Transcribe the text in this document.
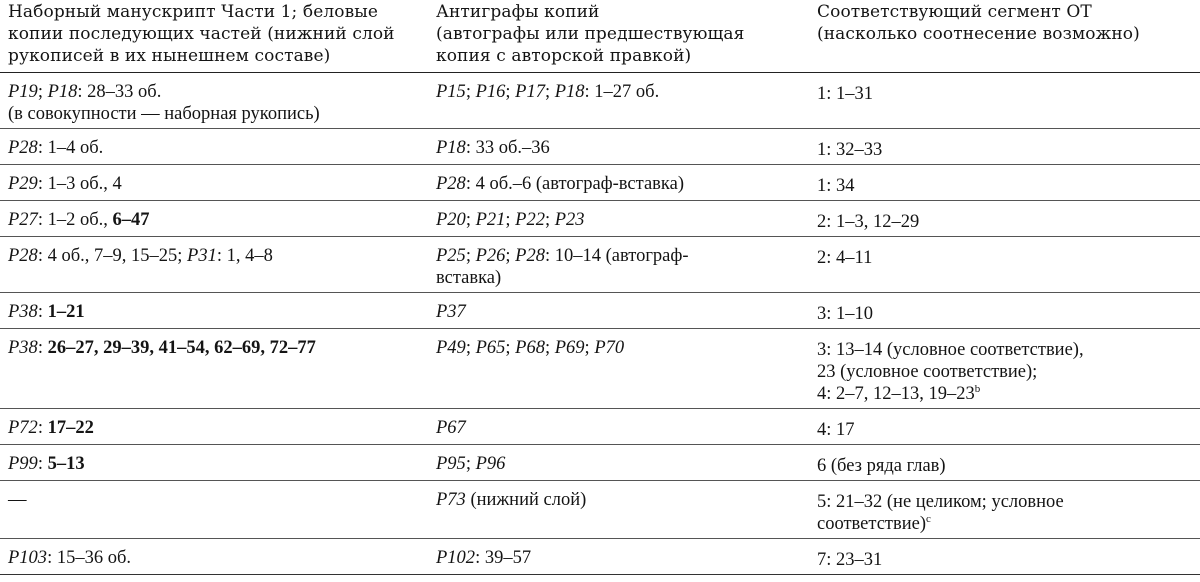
Наборный манускрипт Части 1; беловые
копии последующих частей (нижний слой
рукописей в их нынешнем составе)	Антиграфы копий
(автографы или предшествующая
копия с авторской правкой)	Соответствующий сегмент OT
(насколько соотнесение возможно)
P19; P18: 28–33 об.
(в совокупности — наборная рукопись)	P15; P16; P17; P18: 1–27 об.	1: 1–31
P28: 1–4 об.	P18: 33 об.–36	1: 32–33
P29: 1–3 об., 4	P28: 4 об.–6 (автограф-вставка)	1: 34
P27: 1–2 об., 6–47	P20; P21; P22; P23	2: 1–3, 12–29
P28: 4 об., 7–9, 15–25; P31: 1, 4–8	P25; P26; P28: 10–14 (автограф-
вставка)	2: 4–11
P38: 1–21	P37	3: 1–10
P38: 26–27, 29–39, 41–54, 62–69, 72–77	P49; P65; P68; P69; P70	3: 13–14 (условное соответствие),
23 (условное соответствие);
4: 2–7, 12–13, 19–23$^b$
P72: 17–22	P67	4: 17
P99: 5–13	P95; P96	6 (без ряда глав)
—	P73 (нижний слой)	5: 21–32 (не целиком; условное
соответствие)$^c$
P103: 15–36 об.	P102: 39–57	7: 23–31
